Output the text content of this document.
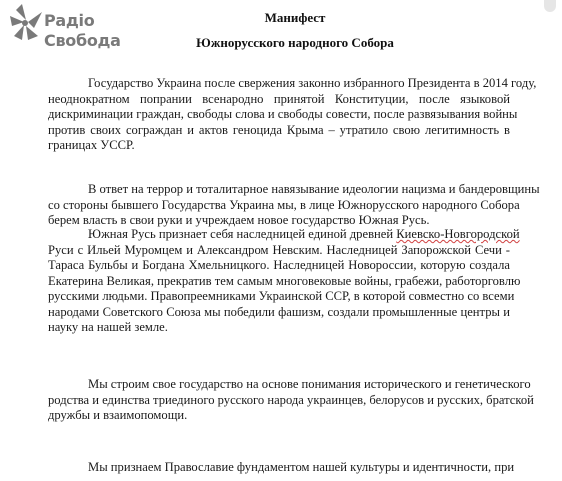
Радіо
Свобода
Манифест
Южнорусского народного Собора
Государство Украина после свержения законно избранного Президента в 2014 году,
неоднократном попрании всенародно принятой Конституции, после языковой
дискриминации граждан, свободы слова и свободы совести, после развязывания войны
против своих сограждан и актов геноцида Крыма – утратило свою легитимность в
границах УССР.
В ответ на террор и тоталитарное навязывание идеологии нацизма и бандеровщины
со стороны бывшего Государства Украина мы, в лице Южнорусского народного Собора
берем власть в свои руки и учреждаем новое государство Южная Русь.
Южная Русь признает себя наследницей единой древней Киевско-Новгородской
Руси с Ильей Муромцем и Александром Невским. Наследницей Запорожской Сечи -
Тараса Бульбы и Богдана Хмельницкого. Наследницей Новороссии, которую создала
Екатерина Великая, прекратив тем самым многовековые войны, грабежи, работорговлю
русскими людьми. Правопреемниками Украинской ССР, в которой совместно со всеми
народами Советского Союза мы победили фашизм, создали промышленные центры и
науку на нашей земле.
Мы строим свое государство на основе понимания исторического и генетического
родства и единства триединого русского народа украинцев, белорусов и русских, братской
дружбы и взаимопомощи.
Мы признаем Православие фундаментом нашей культуры и идентичности, при
